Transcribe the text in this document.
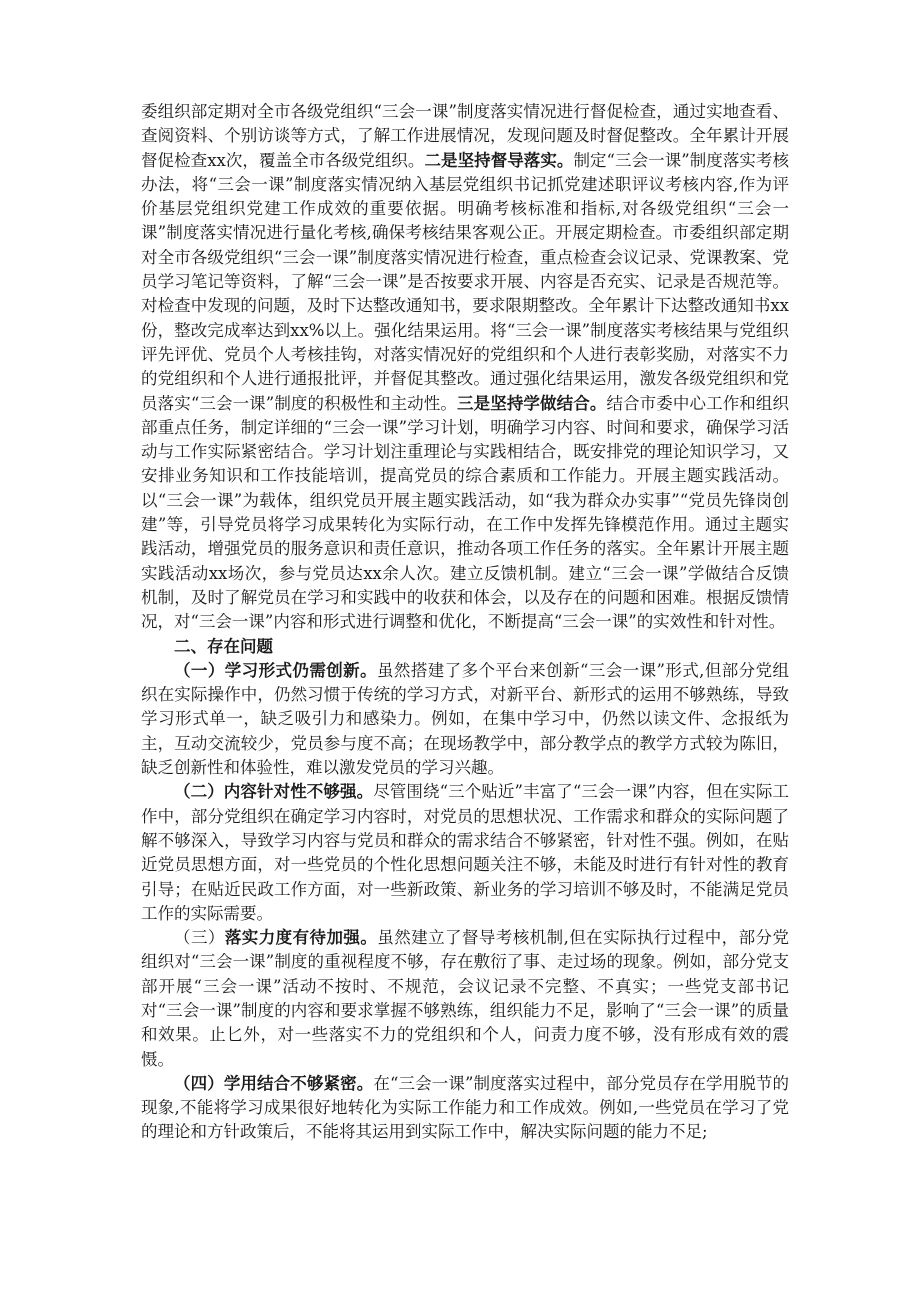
委组织部定期对全市各级党组织“三会一课”制度落实情况进行督促检查，通过实地查看、查阅资料、个别访谈等方式，了解工作进展情况，发现问题及时督促整改。全年累计开展督促检查xx次，覆盖全市各级党组织。二是坚持督导落实。制定“三会一课”制度落实考核办法，将“三会一课”制度落实情况纳入基层党组织书记抓党建述职评议考核内容,作为评价基层党组织党建工作成效的重要依据。明确考核标准和指标,对各级党组织“三会一课”制度落实情况进行量化考核,确保考核结果客观公正。开展定期检查。市委组织部定期对全市各级党组织“三会一课”制度落实情况进行检查，重点检查会议记录、党课教案、党员学习笔记等资料，了解“三会一课”是否按要求开展、内容是否充实、记录是否规范等。对检查中发现的问题，及时下达整改通知书，要求限期整改。全年累计下达整改通知书xx份，整改完成率达到xx%以上。强化结果运用。将“三会一课”制度落实考核结果与党组织评先评优、党员个人考核挂钩，对落实情况好的党组织和个人进行表彰奖励，对落实不力的党组织和个人进行通报批评，并督促其整改。通过强化结果运用，激发各级党组织和党员落实“三会一课”制度的积极性和主动性。三是坚持学做结合。结合市委中心工作和组织部重点任务，制定详细的“三会一课”学习计划，明确学习内容、时间和要求，确保学习活动与工作实际紧密结合。学习计划注重理论与实践相结合，既安排党的理论知识学习，又安排业务知识和工作技能培训，提高党员的综合素质和工作能力。开展主题实践活动。以“三会一课”为载体，组织党员开展主题实践活动，如“我为群众办实事”“党员先锋岗创建”等，引导党员将学习成果转化为实际行动，在工作中发挥先锋模范作用。通过主题实践活动，增强党员的服务意识和责任意识，推动各项工作任务的落实。全年累计开展主题实践活动xx场次，参与党员达xx余人次。建立反馈机制。建立“三会一课”学做结合反馈机制，及时了解党员在学习和实践中的收获和体会，以及存在的问题和困难。根据反馈情况，对“三会一课”内容和形式进行调整和优化，不断提高“三会一课”的实效性和针对性。

二、存在问题

（一）学习形式仍需创新。虽然搭建了多个平台来创新“三会一课”形式,但部分党组织在实际操作中，仍然习惯于传统的学习方式，对新平台、新形式的运用不够熟练，导致学习形式单一，缺乏吸引力和感染力。例如，在集中学习中，仍然以读文件、念报纸为主，互动交流较少，党员参与度不高；在现场教学中，部分教学点的教学方式较为陈旧，缺乏创新性和体验性，难以激发党员的学习兴趣。

（二）内容针对性不够强。尽管围绕“三个贴近”丰富了“三会一课”内容，但在实际工作中，部分党组织在确定学习内容时，对党员的思想状况、工作需求和群众的实际问题了解不够深入，导致学习内容与党员和群众的需求结合不够紧密，针对性不强。例如，在贴近党员思想方面，对一些党员的个性化思想问题关注不够，未能及时进行有针对性的教育引导；在贴近民政工作方面，对一些新政策、新业务的学习培训不够及时，不能满足党员工作的实际需要。

（三）落实力度有待加强。虽然建立了督导考核机制,但在实际执行过程中，部分党组织对“三会一课”制度的重视程度不够，存在敷衍了事、走过场的现象。例如，部分党支部开展“三会一课”活动不按时、不规范，会议记录不完整、不真实；一些党支部书记对“三会一课”制度的内容和要求掌握不够熟练，组织能力不足，影响了“三会一课”的质量和效果。止匕外，对一些落实不力的党组织和个人，问责力度不够，没有形成有效的震慑。

（四）学用结合不够紧密。在“三会一课”制度落实过程中，部分党员存在学用脱节的现象,不能将学习成果很好地转化为实际工作能力和工作成效。例如,一些党员在学习了党的理论和方针政策后，不能将其运用到实际工作中，解决实际问题的能力不足;
